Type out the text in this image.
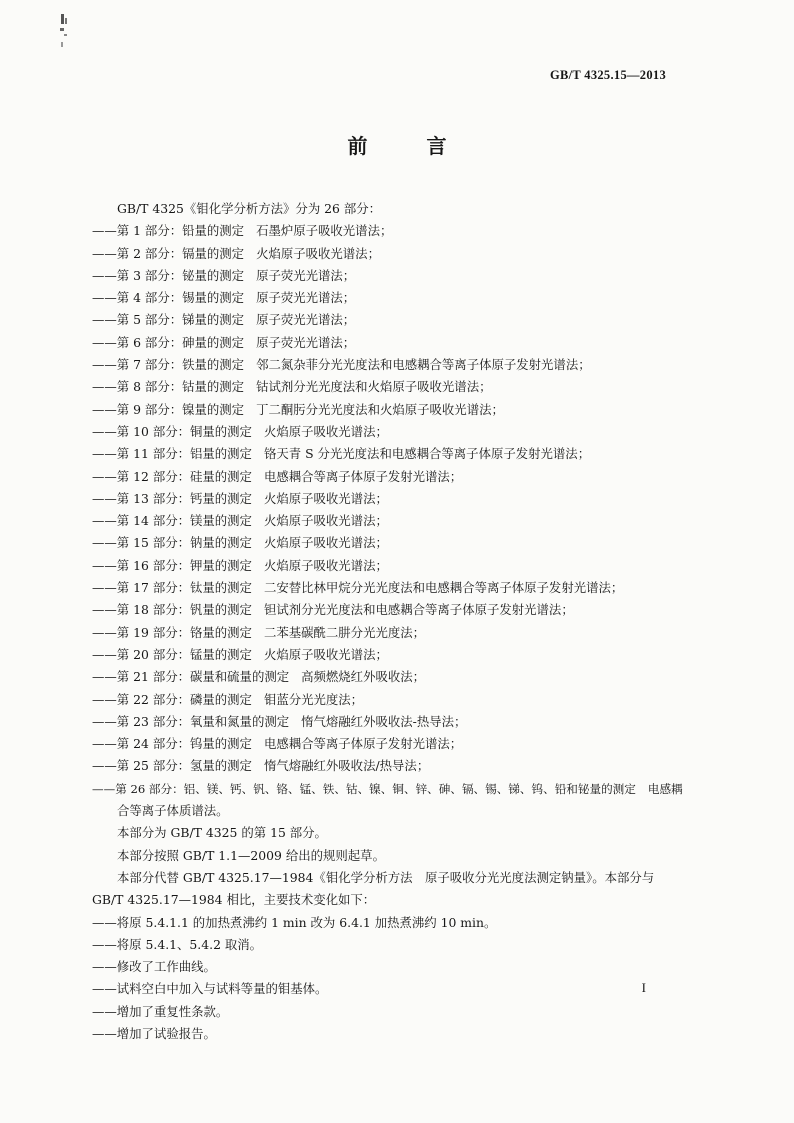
GB/T 4325.15—2013
前 言
GB/T 4325《钼化学分析方法》分为 26 部分：
——第 1 部分：铅量的测定 石墨炉原子吸收光谱法；
——第 2 部分：镉量的测定 火焰原子吸收光谱法；
——第 3 部分：铋量的测定 原子荧光光谱法；
——第 4 部分：锡量的测定 原子荧光光谱法；
——第 5 部分：锑量的测定 原子荧光光谱法；
——第 6 部分：砷量的测定 原子荧光光谱法；
——第 7 部分：铁量的测定 邻二氮杂菲分光光度法和电感耦合等离子体原子发射光谱法；
——第 8 部分：钴量的测定 钴试剂分光光度法和火焰原子吸收光谱法；
——第 9 部分：镍量的测定 丁二酮肟分光光度法和火焰原子吸收光谱法；
——第 10 部分：铜量的测定 火焰原子吸收光谱法；
——第 11 部分：铝量的测定 铬天青 S 分光光度法和电感耦合等离子体原子发射光谱法；
——第 12 部分：硅量的测定 电感耦合等离子体原子发射光谱法；
——第 13 部分：钙量的测定 火焰原子吸收光谱法；
——第 14 部分：镁量的测定 火焰原子吸收光谱法；
——第 15 部分：钠量的测定 火焰原子吸收光谱法；
——第 16 部分：钾量的测定 火焰原子吸收光谱法；
——第 17 部分：钛量的测定 二安替比林甲烷分光光度法和电感耦合等离子体原子发射光谱法；
——第 18 部分：钒量的测定 钽试剂分光光度法和电感耦合等离子体原子发射光谱法；
——第 19 部分：铬量的测定 二苯基碳酰二肼分光光度法；
——第 20 部分：锰量的测定 火焰原子吸收光谱法；
——第 21 部分：碳量和硫量的测定 高频燃烧红外吸收法；
——第 22 部分：磷量的测定 钼蓝分光光度法；
——第 23 部分：氧量和氮量的测定 惰气熔融红外吸收法-热导法；
——第 24 部分：钨量的测定 电感耦合等离子体原子发射光谱法；
——第 25 部分：氢量的测定 惰气熔融红外吸收法/热导法；
——第 26 部分：铝、镁、钙、钒、铬、锰、铁、钴、镍、铜、锌、砷、镉、锡、锑、钨、铅和铋量的测定 电感耦
合等离子体质谱法。
本部分为 GB/T 4325 的第 15 部分。
本部分按照 GB/T 1.1—2009 给出的规则起草。
本部分代替 GB/T 4325.17—1984《钼化学分析方法　原子吸收分光光度法测定钠量》。本部分与
GB/T 4325.17—1984 相比，主要技术变化如下：
——将原 5.4.1.1 的加热煮沸约 1 min 改为 6.4.1 加热煮沸约 10 min。
——将原 5.4.1、5.4.2 取消。
——修改了工作曲线。
——试料空白中加入与试料等量的钼基体。
——增加了重复性条款。
——增加了试验报告。
I
